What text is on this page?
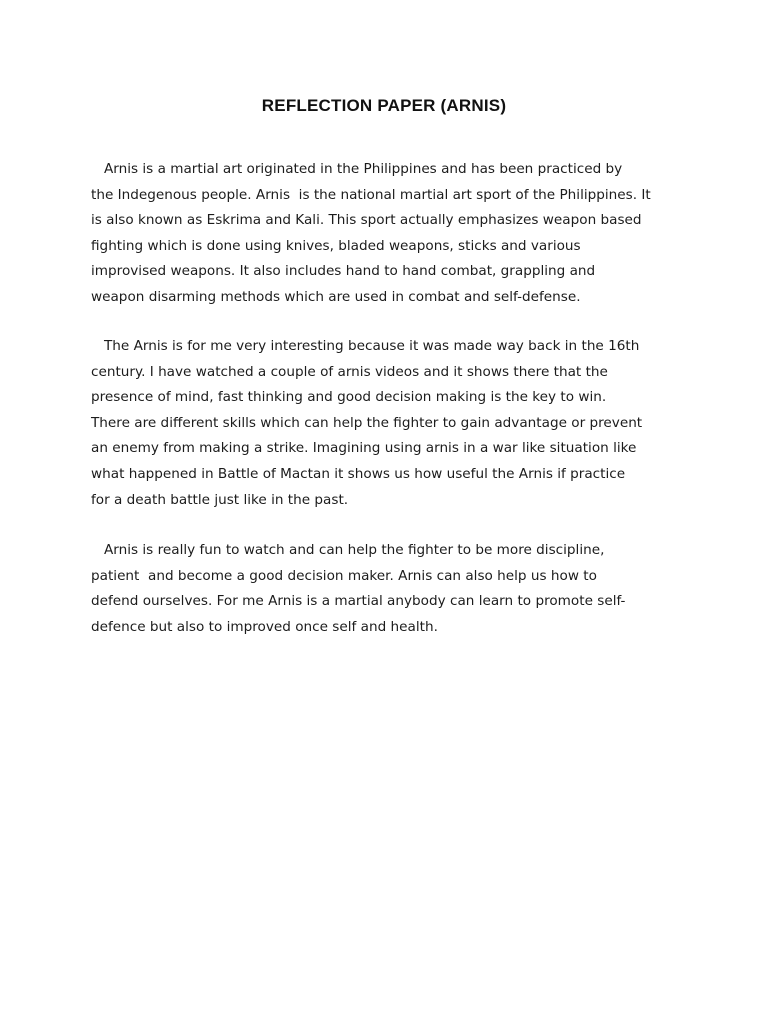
REFLECTION PAPER (ARNIS)
Arnis is a martial art originated in the Philippines and has been practiced by
the Indegenous people. Arnis  is the national martial art sport of the Philippines. It
is also known as Eskrima and Kali. This sport actually emphasizes weapon based
fighting which is done using knives, bladed weapons, sticks and various
improvised weapons. It also includes hand to hand combat, grappling and
weapon disarming methods which are used in combat and self-defense.
The Arnis is for me very interesting because it was made way back in the 16th
century. I have watched a couple of arnis videos and it shows there that the
presence of mind, fast thinking and good decision making is the key to win.
There are different skills which can help the fighter to gain advantage or prevent
an enemy from making a strike. Imagining using arnis in a war like situation like
what happened in Battle of Mactan it shows us how useful the Arnis if practice
for a death battle just like in the past.
Arnis is really fun to watch and can help the fighter to be more discipline,
patient  and become a good decision maker. Arnis can also help us how to
defend ourselves. For me Arnis is a martial anybody can learn to promote self-
defence but also to improved once self and health.
